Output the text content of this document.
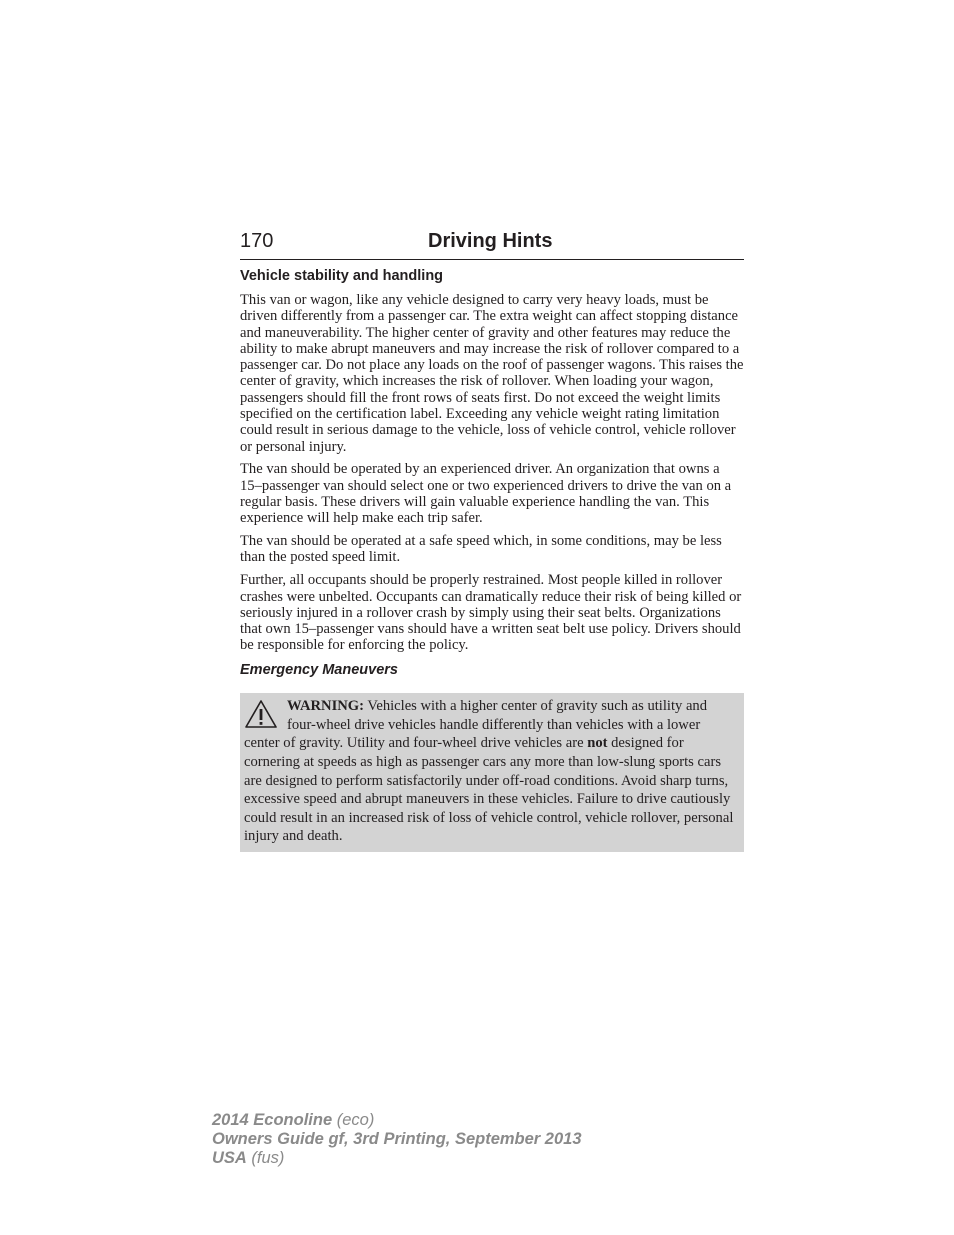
170	Driving Hints
Vehicle stability and handling

This van or wagon, like any vehicle designed to carry very heavy loads, must be driven differently from a passenger car. The extra weight can affect stopping distance and maneuverability. The higher center of gravity and other features may reduce the ability to make abrupt maneuvers and may increase the risk of rollover compared to a passenger car. Do not place any loads on the roof of passenger wagons. This raises the center of gravity, which increases the risk of rollover. When loading your wagon, passengers should fill the front rows of seats first. Do not exceed the weight limits specified on the certification label. Exceeding any vehicle weight rating limitation could result in serious damage to the vehicle, loss of vehicle control, vehicle rollover or personal injury.

The van should be operated by an experienced driver. An organization that owns a 15–passenger van should select one or two experienced drivers to drive the van on a regular basis. These drivers will gain valuable experience handling the van. This experience will help make each trip safer.

The van should be operated at a safe speed which, in some conditions, may be less than the posted speed limit.

Further, all occupants should be properly restrained. Most people killed in rollover crashes were unbelted. Occupants can dramatically reduce their risk of being killed or seriously injured in a rollover crash by simply using their seat belts. Organizations that own 15–passenger vans should have a written seat belt use policy. Drivers should be responsible for enforcing the policy.

Emergency Maneuvers
WARNING: Vehicles with a higher center of gravity such as utility and four-wheel drive vehicles handle differently than vehicles with a lower center of gravity. Utility and four-wheel drive vehicles are not designed for cornering at speeds as high as passenger cars any more than low-slung sports cars are designed to perform satisfactorily under off-road conditions. Avoid sharp turns, excessive speed and abrupt maneuvers in these vehicles. Failure to drive cautiously could result in an increased risk of loss of vehicle control, vehicle rollover, personal injury and death.
2014 Econoline (eco)
Owners Guide gf, 3rd Printing, September 2013
USA (fus)
